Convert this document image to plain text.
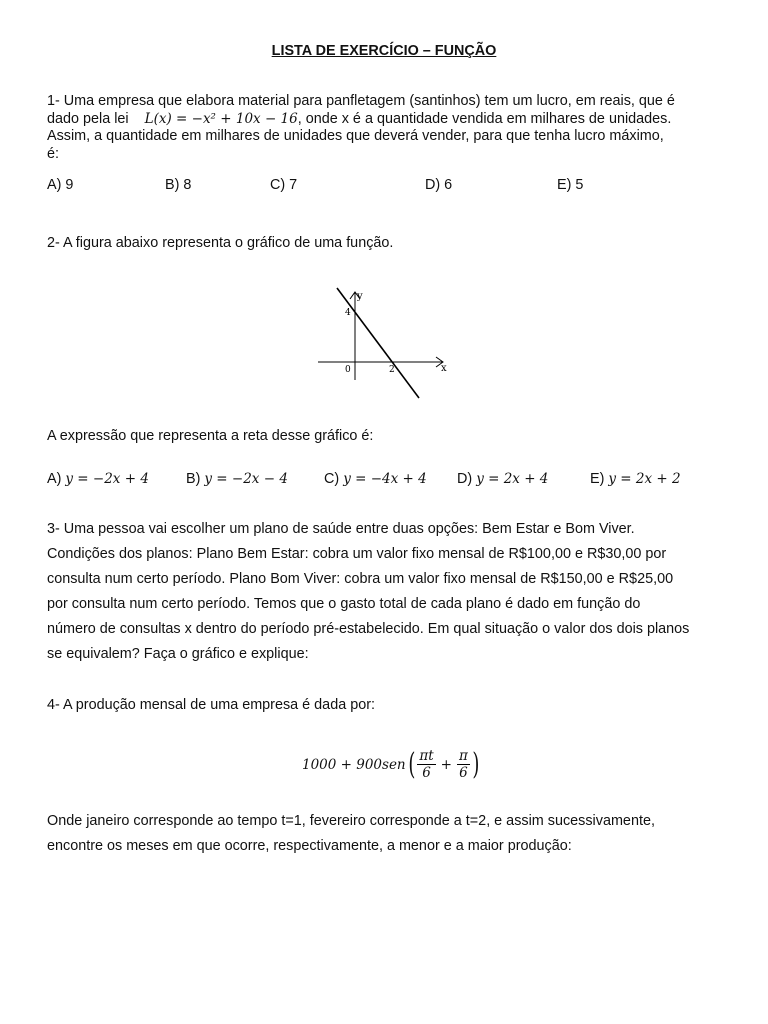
LISTA DE EXERCÍCIO – FUNÇÃO
1- Uma empresa que elabora material para panfletagem (santinhos) tem um lucro, em reais, que é
dado pela lei L(x) = −x² + 10x − 16, onde x é a quantidade vendida em milhares de unidades.
Assim, a quantidade em milhares de unidades que deverá vender, para que tenha lucro máximo,
é:
A) 9	B) 8	C) 7	D) 6	E) 5
2- A figura abaixo representa o gráfico de uma função.
y
x
0
4
2
A expressão que representa a reta desse gráfico é:
A) y = −2x + 4	B) y = −2x − 4	C) y = −4x + 4 D) y = 2x + 4	E) y = 2x + 2
3- Uma pessoa vai escolher um plano de saúde entre duas opções: Bem Estar e Bom Viver.
Condições dos planos: Plano Bem Estar: cobra um valor fixo mensal de R$100,00 e R$30,00 por
consulta num certo período. Plano Bom Viver: cobra um valor fixo mensal de R$150,00 e R$25,00
por consulta num certo período. Temos que o gasto total de cada plano é dado em função do
número de consultas x dentro do período pré-estabelecido. Em qual situação o valor dos dois planos
se equivalem? Faça o gráfico e explique:
4- A produção mensal de uma empresa é dada por:
1000 + 900sen ( πt
6 +
π
6 )
Onde janeiro corresponde ao tempo t=1, fevereiro corresponde a t=2, e assim sucessivamente,
encontre os meses em que ocorre, respectivamente, a menor e a maior produção:
